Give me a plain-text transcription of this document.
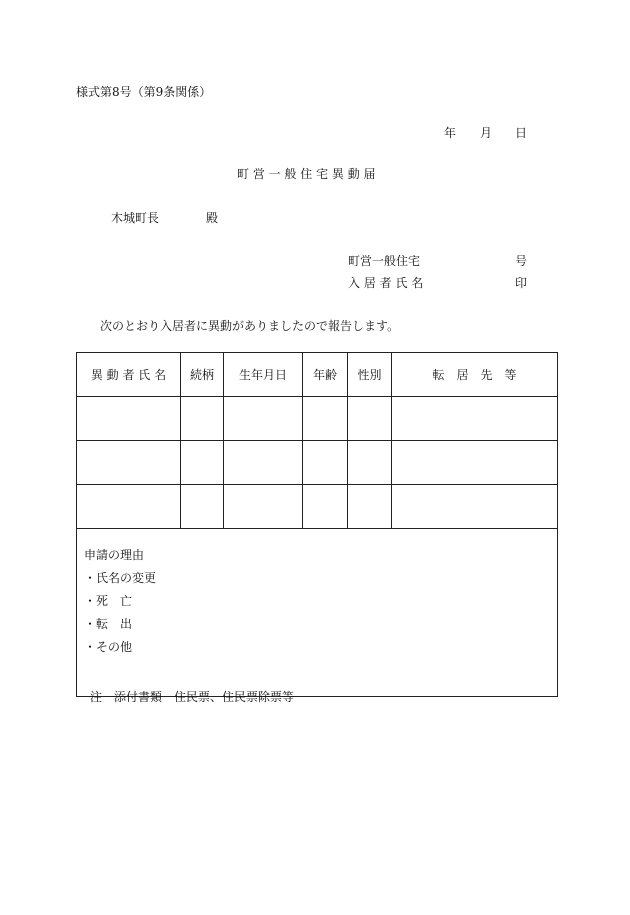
様式第8号（第9条関係）
年 月 日
町 営 一 般 住 宅 異 動 届
木城町長	殿
町営一般住宅	号
入 居 者 氏 名	印
次のとおり入居者に異動がありましたので報告します。
異 動 者 氏 名	続柄	生年月日	年齢	性別	転　居　先　等

申請の理由
・氏名の変更
・死　亡
・転　出
・その他					
注　添付書類　住民票、住民票除票等
